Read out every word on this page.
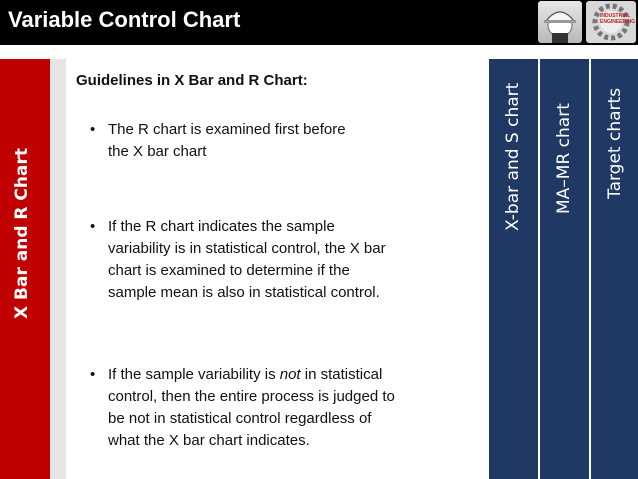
Variable Control Chart	INDUSTRIAL ENGINEERING
X Bar and R Chart
Guidelines in X Bar and R Chart:
• The R chart is examined first before
the X bar chart
• If the R chart indicates the sample
variability is in statistical control, the X bar
chart is examined to determine if the
sample mean is also in statistical control.
• If the sample variability is not in statistical
control, then the entire process is judged to
be not in statistical control regardless of
what the X bar chart indicates.
X-bar and S chart MA–MR chart Target charts
